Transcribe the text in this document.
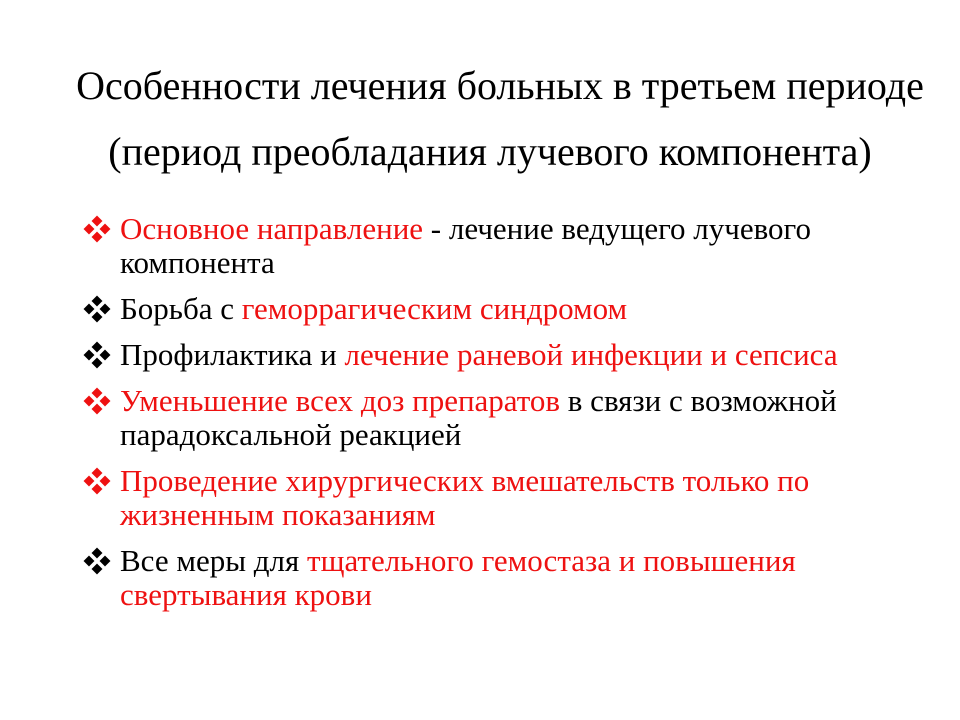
Особенности лечения больных в третьем периоде
(период преобладания лучевого компонента)
Основное направление - лечение ведущего лучевого компонента
Борьба с геморрагическим синдромом
Профилактика и лечение раневой инфекции и сепсиса
Уменьшение всех доз препаратов в связи с возможной парадоксальной реакцией
Проведение хирургических вмешательств только по жизненным показаниям
Все меры для тщательного гемостаза и повышения свертывания крови
